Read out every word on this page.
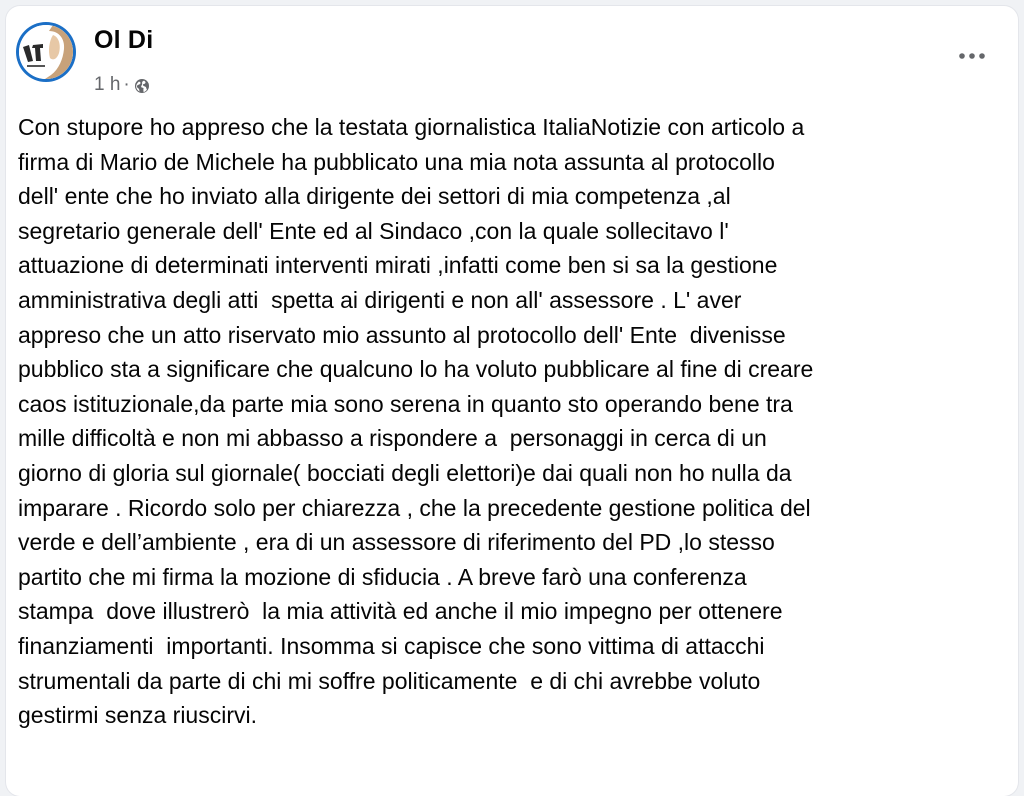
Ol Di
1 h ·

Con stupore ho appreso che la testata giornalistica ItaliaNotizie con articolo a
firma di Mario de Michele ha pubblicato una mia nota assunta al protocollo
dell' ente che ho inviato alla dirigente dei settori di mia competenza ,al
segretario generale dell' Ente ed al Sindaco ,con la quale sollecitavo l'
attuazione di determinati interventi mirati ,infatti come ben si sa la gestione
amministrativa degli atti  spetta ai dirigenti e non all' assessore . L' aver
appreso che un atto riservato mio assunto al protocollo dell' Ente  divenisse
pubblico sta a significare che qualcuno lo ha voluto pubblicare al fine di creare
caos istituzionale,da parte mia sono serena in quanto sto operando bene tra
mille difficoltà e non mi abbasso a rispondere a  personaggi in cerca di un
giorno di gloria sul giornale( bocciati degli elettori)e dai quali non ho nulla da
imparare . Ricordo solo per chiarezza , che la precedente gestione politica del
verde e dell’ambiente , era di un assessore di riferimento del PD ,lo stesso
partito che mi firma la mozione di sfiducia . A breve farò una conferenza
stampa  dove illustrerò  la mia attività ed anche il mio impegno per ottenere
finanziamenti  importanti. Insomma si capisce che sono vittima di attacchi
strumentali da parte di chi mi soffre politicamente  e di chi avrebbe voluto
gestirmi senza riuscirvi.
